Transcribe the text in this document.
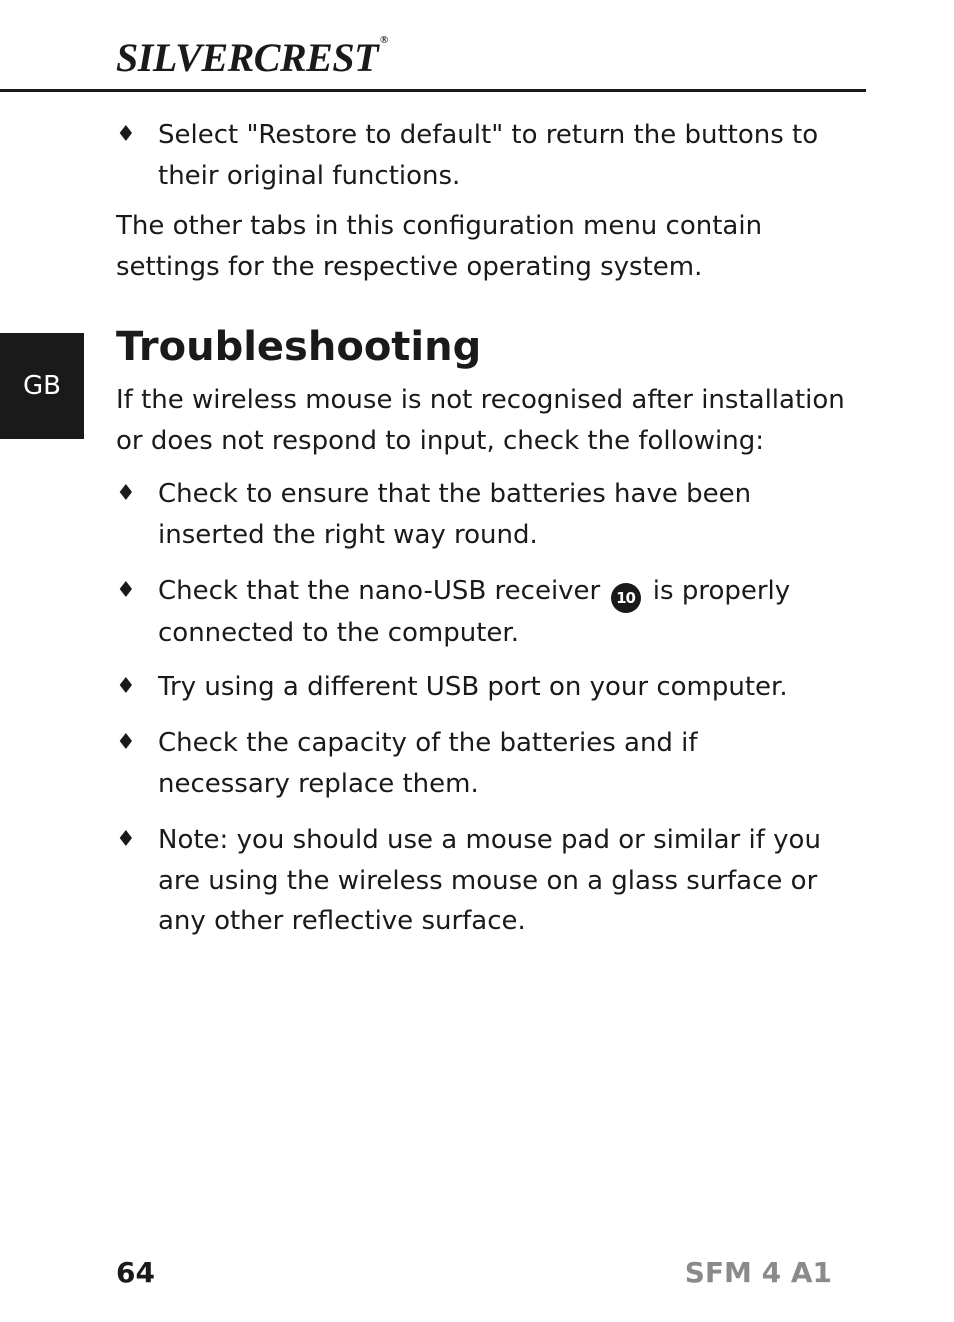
SILVERCREST ®
GB
♦ Select "Restore to default" to return the buttons to their original functions.
The other tabs in this configuration menu contain settings for the respective operating system.
Troubleshooting
If the wireless mouse is not recognised after installation or does not respond to input, check the following:
♦ Check to ensure that the batteries have been inserted the right way round.
♦ Check that the nano-USB receiver 10 is properly connected to the computer.
♦ Try using a different USB port on your computer.
♦ Check the capacity of the batteries and if necessary replace them.
♦ Note: you should use a mouse pad or similar if you are using the wireless mouse on a glass surface or any other reflective surface.
64	SFM 4 A1
